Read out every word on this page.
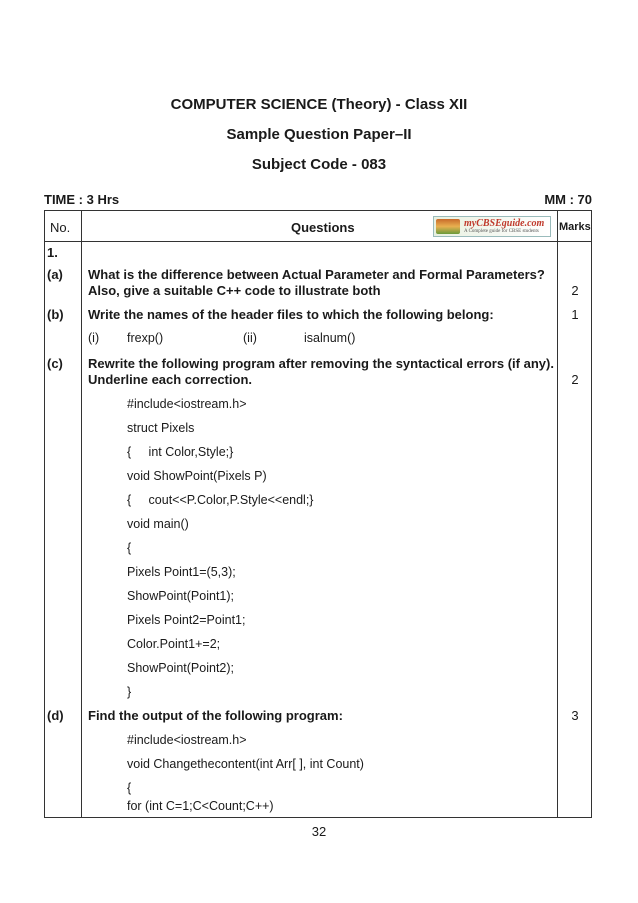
COMPUTER SCIENCE (Theory) - Class XII
Sample Question Paper–II
Subject Code - 083
TIME : 3 Hrs	MM : 70
No.	Questions	Marks
myCBSEguide.com
A Complete guide for CBSE students
1.
(a) What is the difference between Actual Parameter and Formal Parameters?
Also, give a suitable C++ code to illustrate both	2
(b) Write the names of the header files to which the following belong:	1
(i) frexp()	(ii)	isalnum()
(c) Rewrite the following program after removing the syntactical errors (if any).
Underline each correction.	2
#include<iostream.h>
struct Pixels
{     int Color,Style;}
void ShowPoint(Pixels P)
{     cout<<P.Color,P.Style<<endl;}
void main()
{
Pixels Point1=(5,3);
ShowPoint(Point1);
Pixels Point2=Point1;
Color.Point1+=2;
ShowPoint(Point2);
}
(d) Find the output of the following program:	3
#include<iostream.h>
void Changethecontent(int Arr[ ], int Count)
{
for (int C=1;C<Count;C++)
32
